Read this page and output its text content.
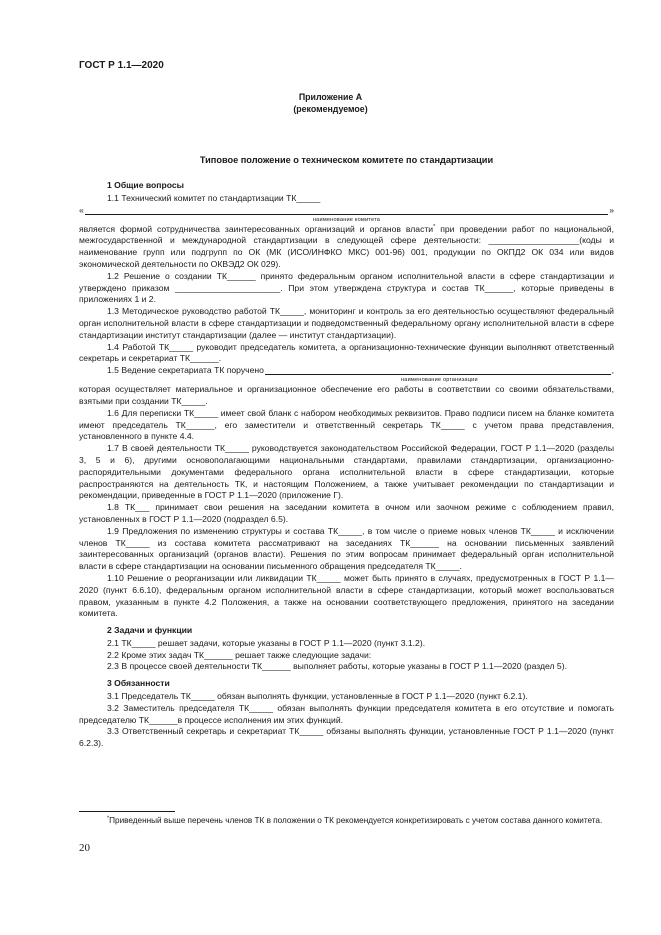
ГОСТ Р 1.1—2020
Приложение А
(рекомендуемое)
Типовое положение о техническом комитете по стандартизации

1 Общие вопросы

1.1 Технический комитет по стандартизации ТК_____

«	»
наименование комитета

является формой сотрудничества заинтересованных организаций и органов власти* при проведении работ по национальной, межгосударственной и международной стандартизации в следующей сфере деятельности: ___________________(коды и наименование групп или подгрупп по ОК (МК (ИСО/ИНФКО МКС) 001-96) 001, продукции по ОКПД2 ОК 034 или видов экономической деятельности по ОКВЭД2 ОК 029).

1.2 Решение о создании ТК______ принято федеральным органом исполнительной власти в сфере стандартизации и утверждено приказом ______________________. При этом утверждена структура и состав ТК______, которые приведены в приложениях 1 и 2.

1.3 Методическое руководство работой ТК_____, мониторинг и контроль за его деятельностью осуществляют федеральный орган исполнительной власти в сфере стандартизации и подведомственный федеральному органу исполнительной власти в сфере стандартизации институт стандартизации (далее — институт стандартизации).

1.4 Работой ТК_____ руководит председатель комитета, а организационно-технические функции выполняют ответственный секретарь и секретариат ТК______.

1.5 Ведение секретариата ТК поручено	,
наименование организации

которая осуществляет материальное и организационное обеспечение его работы в соответствии со своими обязательствами, взятыми при создании ТК_____.

1.6 Для переписки ТК_____ имеет свой бланк с набором необходимых реквизитов. Право подписи писем на бланке комитета имеют председатель ТК______, его заместители и ответственный секретарь ТК_____ с учетом права представления, установленного в пункте 4.4.

1.7 В своей деятельности ТК_____ руководствуется законодательством Российской Федерации, ГОСТ Р 1.1—2020 (разделы 3, 5 и 6), другими основополагающими национальными стандартами, правилами стандартизации, организационно-распорядительными документами федерального органа исполнительной власти в сфере стандартизации, которые распространяются на деятельность ТК, и настоящим Положением, а также учитывает рекомендации по стандартизации и рекомендации, приведенные в ГОСТ Р 1.1—2020 (приложение Г).

1.8 ТК___ принимает свои решения на заседании комитета в очном или заочном режиме с соблюдением правил, установленных в ГОСТ Р 1.1—2020 (подраздел 6.5).

1.9 Предложения по изменению структуры и состава ТК_____, в том числе о приеме новых членов ТК_____ и исключении членов ТК_____ из состава комитета рассматривают на заседаниях ТК______ на основании письменных заявлений заинтересованных организаций (органов власти). Решения по этим вопросам принимает федеральный орган исполнительной власти в сфере стандартизации на основании письменного обращения председателя ТК_____.

1.10 Решение о реорганизации или ликвидации ТК_____ может быть принято в случаях, предусмотренных в ГОСТ Р 1.1—2020 (пункт 6.6.10), федеральным органом исполнительной власти в сфере стандартизации, который может воспользоваться правом, указанным в пункте 4.2 Положения, а также на основании соответствующего предложения, принятого на заседании комитета.

2 Задачи и функции

2.1 ТК_____ решает задачи, которые указаны в ГОСТ Р 1.1—2020 (пункт 3.1.2).

2.2 Кроме этих задач ТК______ решает также следующие задачи:

2.3 В процессе своей деятельности ТК______ выполняет работы, которые указаны в ГОСТ Р 1.1—2020 (раздел 5).

3 Обязанности

3.1 Председатель ТК_____ обязан выполнять функции, установленные в ГОСТ Р 1.1—2020 (пункт 6.2.1).

3.2 Заместитель председателя ТК_____ обязан выполнять функции председателя комитета в его отсутствие и помогать председателю ТК______в процессе исполнения им этих функций.

3.3 Ответственный секретарь и секретариат ТК_____ обязаны выполнять функции, установленные ГОСТ Р 1.1—2020 (пункт 6.2.3).

*Приведенный выше перечень членов ТК в положении о ТК рекомендуется конкретизировать с учетом состава данного комитета.
20
